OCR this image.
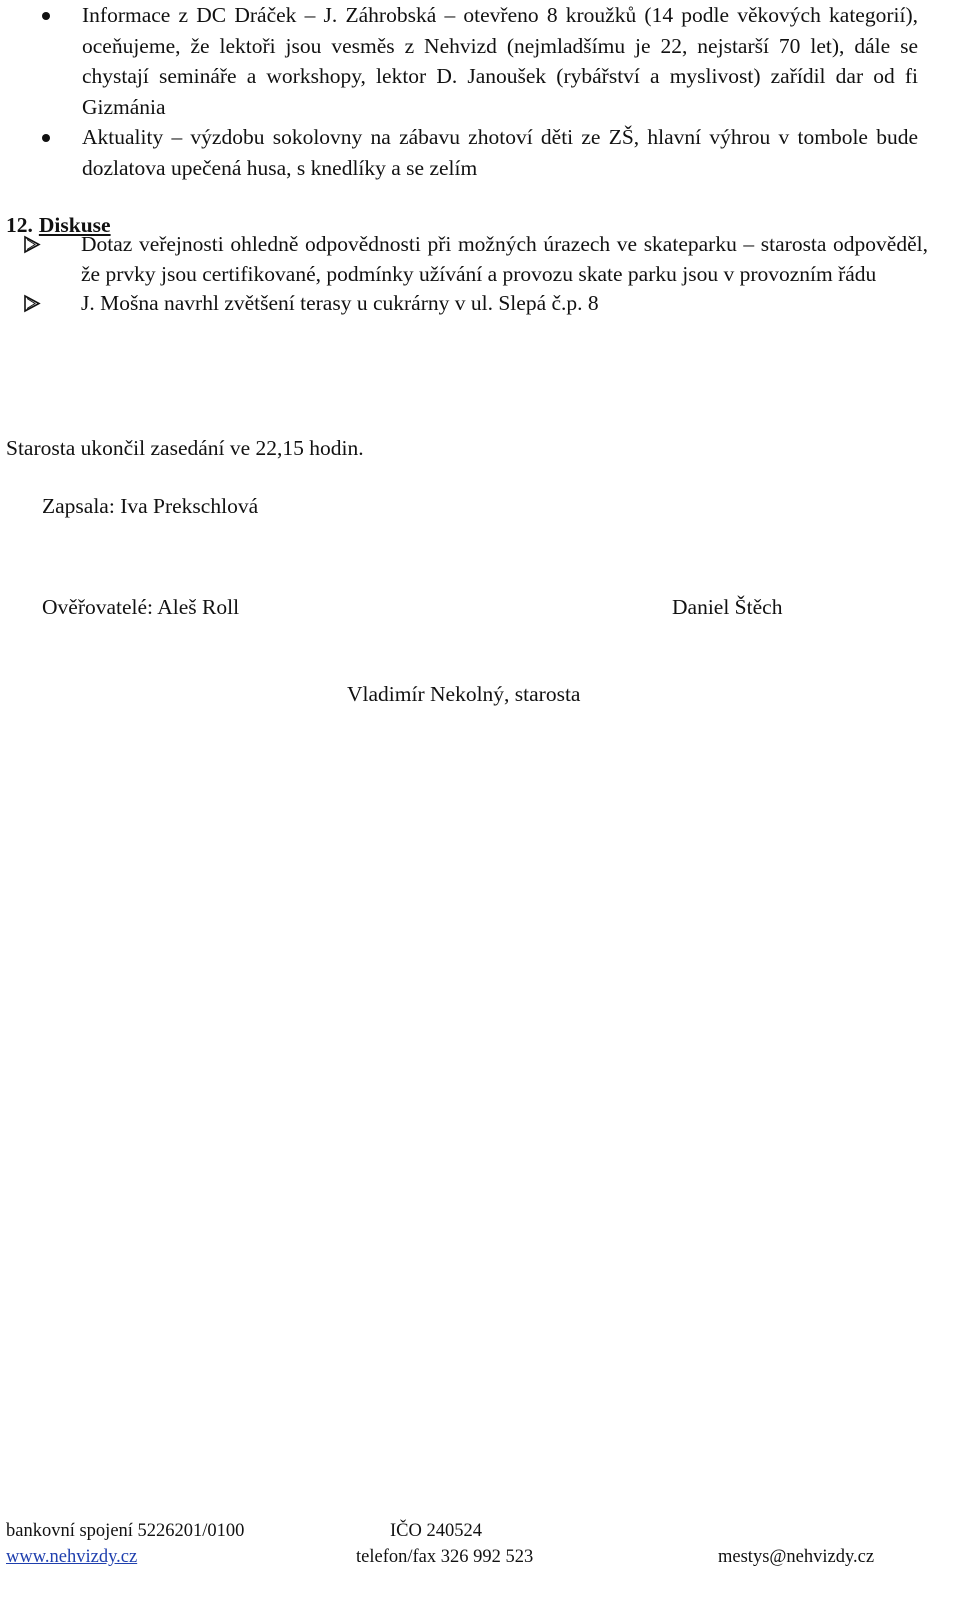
Informace z DC Dráček – J. Záhrobská – otevřeno 8 kroužků (14 podle věkových kategorií), oceňujeme, že lektoři jsou vesměs z Nehvizd (nejmladšímu je 22, nejstarší 70 let), dále se chystají semináře a workshopy, lektor D. Janoušek (rybářství a myslivost) zařídil dar od fi Gizmánia
Aktuality – výzdobu sokolovny na zábavu zhotoví děti ze ZŠ, hlavní výhrou v tombole bude dozlatova upečená husa, s knedlíky a se zelím
12. Diskuse
Dotaz veřejnosti ohledně odpovědnosti při možných úrazech ve skateparku – starosta odpověděl, že prvky jsou certifikované, podmínky užívání a provozu skate parku jsou v provozním řádu
J. Mošna navrhl zvětšení terasy u cukrárny v ul. Slepá č.p. 8
Starosta ukončil zasedání ve 22,15 hodin.
Zapsala: Iva Prekschlová
Ověřovatelé: Aleš Roll	Daniel Štěch
Vladimír Nekolný, starosta
bankovní spojení 5226201/0100	IČO 240524
www.nehvizdy.cz	telefon/fax 326 992 523	mestys@nehvizdy.cz
